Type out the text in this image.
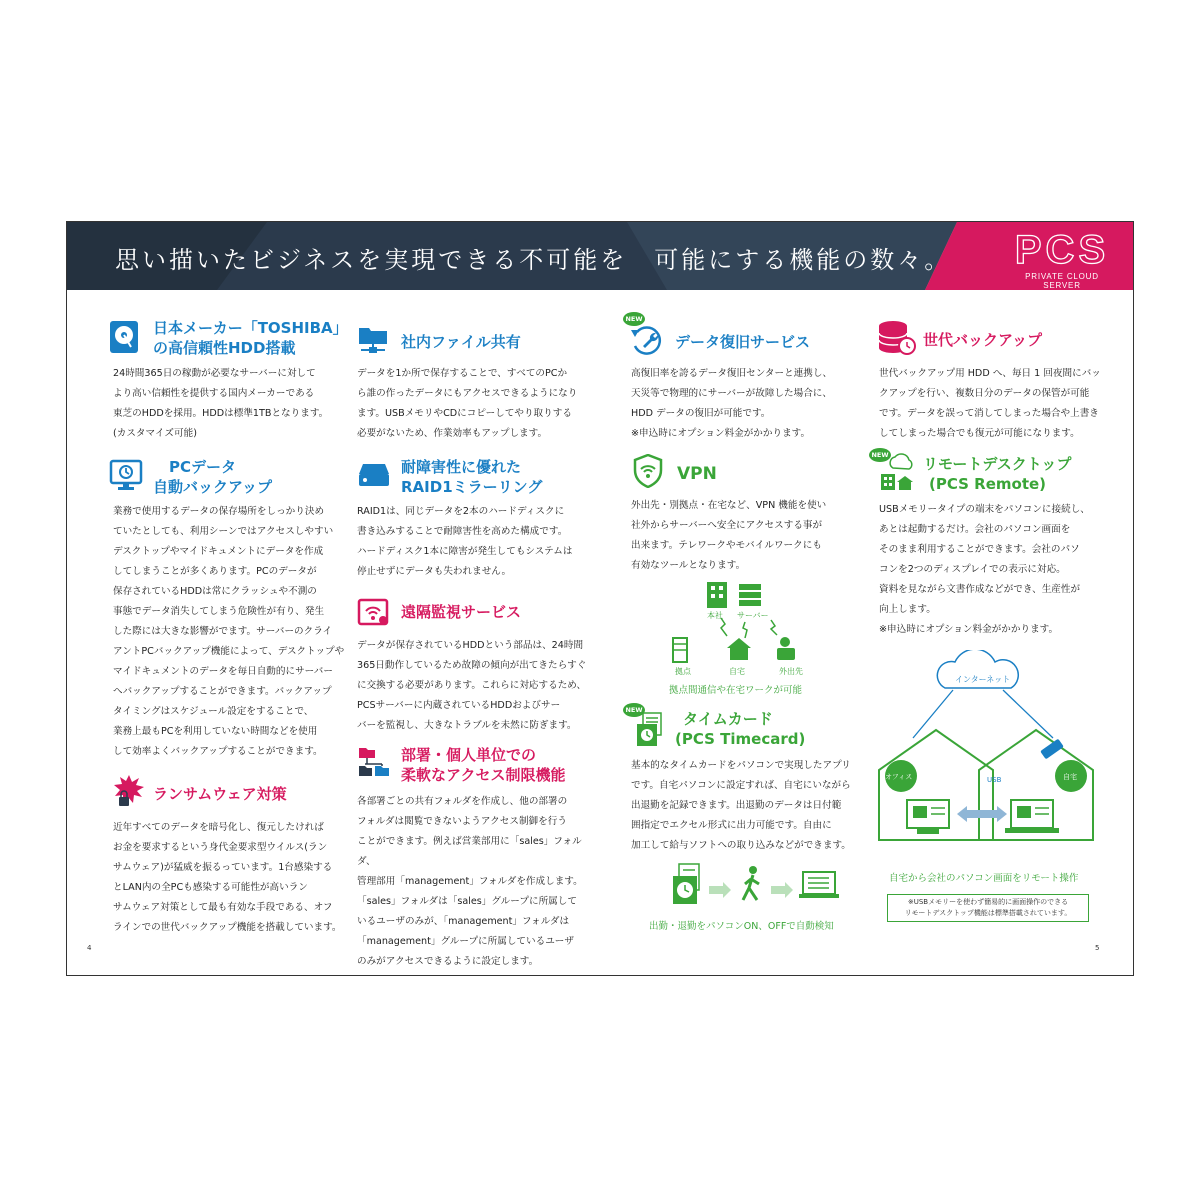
思い描いたビジネスを実現できる不可能を　可能にする機能の数々。 PCS
PRIVATE CLOUD SERVER
日本メーカー「TOSHIBA」
の高信頼性HDD搭載
24時間365日の稼動が必要なサーバーに対して
より高い信頼性を提供する国内メーカーである
東芝のHDDを採用。HDDは標準1TBとなります。
(カスタマイズ可能)
PCデータ
自動バックアップ
業務で使用するデータの保存場所をしっかり決め
ていたとしても、利用シーンではアクセスしやすい
デスクトップやマイドキュメントにデータを作成
してしまうことが多くあります。PCのデータが
保存されているHDDは常にクラッシュや不測の
事態でデータ消失してしまう危険性が有り、発生
した際には大きな影響がでます。サーバーのクライ
アントPCバックアップ機能によって、デスクトップや
マイドキュメントのデータを毎日自動的にサーバー
へバックアップすることができます。バックアップ
タイミングはスケジュール設定をすることで、
業務上最もPCを利用していない時間などを使用
して効率よくバックアップすることができます。
ランサムウェア対策
近年すべてのデータを暗号化し、復元したければ
お金を要求するという身代金要求型ウイルス(ラン
サムウェア)が猛威を振るっています。1台感染する
とLAN内の全PCも感染する可能性が高いラン
サムウェア対策として最も有効な手段である、オフ
ラインでの世代バックアップ機能を搭載しています。
4
社内ファイル共有
データを1か所で保存することで、すべてのPCか
ら誰の作ったデータにもアクセスできるようになり
ます。USBメモリやCDにコピーしてやり取りする
必要がないため、作業効率もアップします。
耐障害性に優れた
RAID1ミラーリング
RAID1は、同じデータを2本のハードディスクに
書き込みすることで耐障害性を高めた構成です。
ハードディスク1本に障害が発生してもシステムは
停止せずにデータも失われません。
遠隔監視サービス
データが保存されているHDDという部品は、24時間
365日動作しているため故障の傾向が出てきたらすぐ
に交換する必要があります。これらに対応するため、
PCSサーバーに内蔵されているHDDおよびサー
バーを監視し、大きなトラブルを未然に防ぎます。
部署・個人単位での
柔軟なアクセス制限機能
各部署ごとの共有フォルダを作成し、他の部署の
フォルダは閲覧できないようアクセス制御を行う
ことができます。例えば営業部用に「sales」フォルダ、
管理部用「management」フォルダを作成します。
「sales」フォルダは「sales」グループに所属して
いるユーザのみが、「management」フォルダは
「management」グループに所属しているユーザ
のみがアクセスできるように設定します。
NEW
データ復旧サービス
高復旧率を誇るデータ復旧センターと連携し、
天災等で物理的にサーバーが故障した場合に、
HDD データの復旧が可能です。
※申込時にオプション料金がかかります。
VPN
外出先・別拠点・在宅など、VPN 機能を使い
社外からサーバーへ安全にアクセスする事が
出来ます。テレワークやモバイルワークにも
有効なツールとなります。
本社 サーバー
拠点	自宅	外出先
拠点間通信や在宅ワークが可能
NEW	タイムカード
(PCS Timecard)
基本的なタイムカードをパソコンで実現したアプリ
です。自宅パソコンに設定すれば、自宅にいながら
出退勤を記録できます。出退勤のデータは日付範
囲指定でエクセル形式に出力可能です。自由に
加工して給与ソフトへの取り込みなどができます。
出勤・退勤をパソコンON、OFFで自動検知
世代バックアップ
世代バックアップ用 HDD へ、毎日 1 回夜間にバッ
クアップを行い、複数日分のデータの保管が可能
です。データを誤って消してしまった場合や上書き
してしまった場合でも復元が可能になります。
NEW リモートデスクトップ
(PCS Remote)
USBメモリータイプの端末をパソコンに接続し、
あとは起動するだけ。会社のパソコン画面を
そのまま利用することができます。会社のパソ
コンを2つのディスプレイでの表示に対応。
資料を見ながら文書作成などができ、生産性が
向上します。
※申込時にオプション料金がかかります。
インターネット
オフィス	自宅
USB
自宅から会社のパソコン画面をリモート操作
※USBメモリーを使わず簡易的に画面操作のできる
リモートデスクトップ機能は標準搭載されています。
5
